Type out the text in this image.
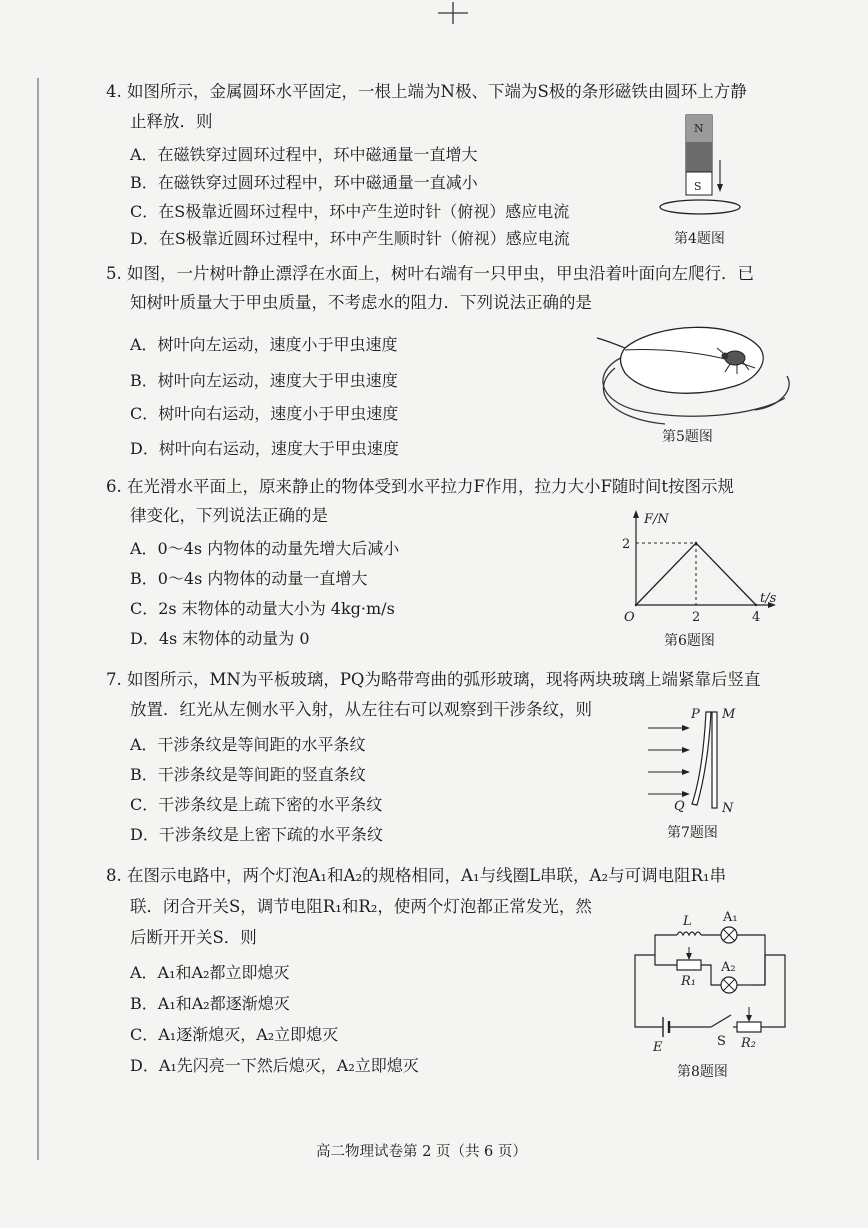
4. 如图所示，金属圆环水平固定，一根上端为N极、下端为S极的条形磁铁由圆环上方静
止释放．则
A．在磁铁穿过圆环过程中，环中磁通量一直增大
B．在磁铁穿过圆环过程中，环中磁通量一直减小
C．在S极靠近圆环过程中，环中产生逆时针（俯视）感应电流
D．在S极靠近圆环过程中，环中产生顺时针（俯视）感应电流
N
S
第4题图
5. 如图，一片树叶静止漂浮在水面上，树叶右端有一只甲虫，甲虫沿着叶面向左爬行．已
知树叶质量大于甲虫质量，不考虑水的阻力．下列说法正确的是
A．树叶向左运动，速度小于甲虫速度
B．树叶向左运动，速度大于甲虫速度
C．树叶向右运动，速度小于甲虫速度
D．树叶向右运动，速度大于甲虫速度
第5题图
6. 在光滑水平面上，原来静止的物体受到水平拉力F作用，拉力大小F随时间t按图示规
律变化，下列说法正确的是
A．0～4s 内物体的动量先增大后减小
B．0～4s 内物体的动量一直增大
C．2s 末物体的动量大小为 4kg·m/s
D．4s 末物体的动量为 0
F/N
t/s
O	2	4
2
第6题图
7. 如图所示，MN为平板玻璃，PQ为略带弯曲的弧形玻璃，现将两块玻璃上端紧靠后竖直
放置．红光从左侧水平入射，从左往右可以观察到干涉条纹，则
A．干涉条纹是等间距的水平条纹
B．干涉条纹是等间距的竖直条纹
C．干涉条纹是上疏下密的水平条纹
D．干涉条纹是上密下疏的水平条纹
P M
Q	N
第7题图
8. 在图示电路中，两个灯泡A₁和A₂的规格相同，A₁与线圈L串联，A₂与可调电阻R₁串
联．闭合开关S，调节电阻R₁和R₂，使两个灯泡都正常发光，然
后断开开关S．则
A．A₁和A₂都立即熄灭
B．A₁和A₂都逐渐熄灭
C．A₁逐渐熄灭，A₂立即熄灭
D．A₁先闪亮一下然后熄灭，A₂立即熄灭
L A₁
A₂
R₁
E	S R₂
第8题图
高二物理试卷第 2 页（共 6 页）
